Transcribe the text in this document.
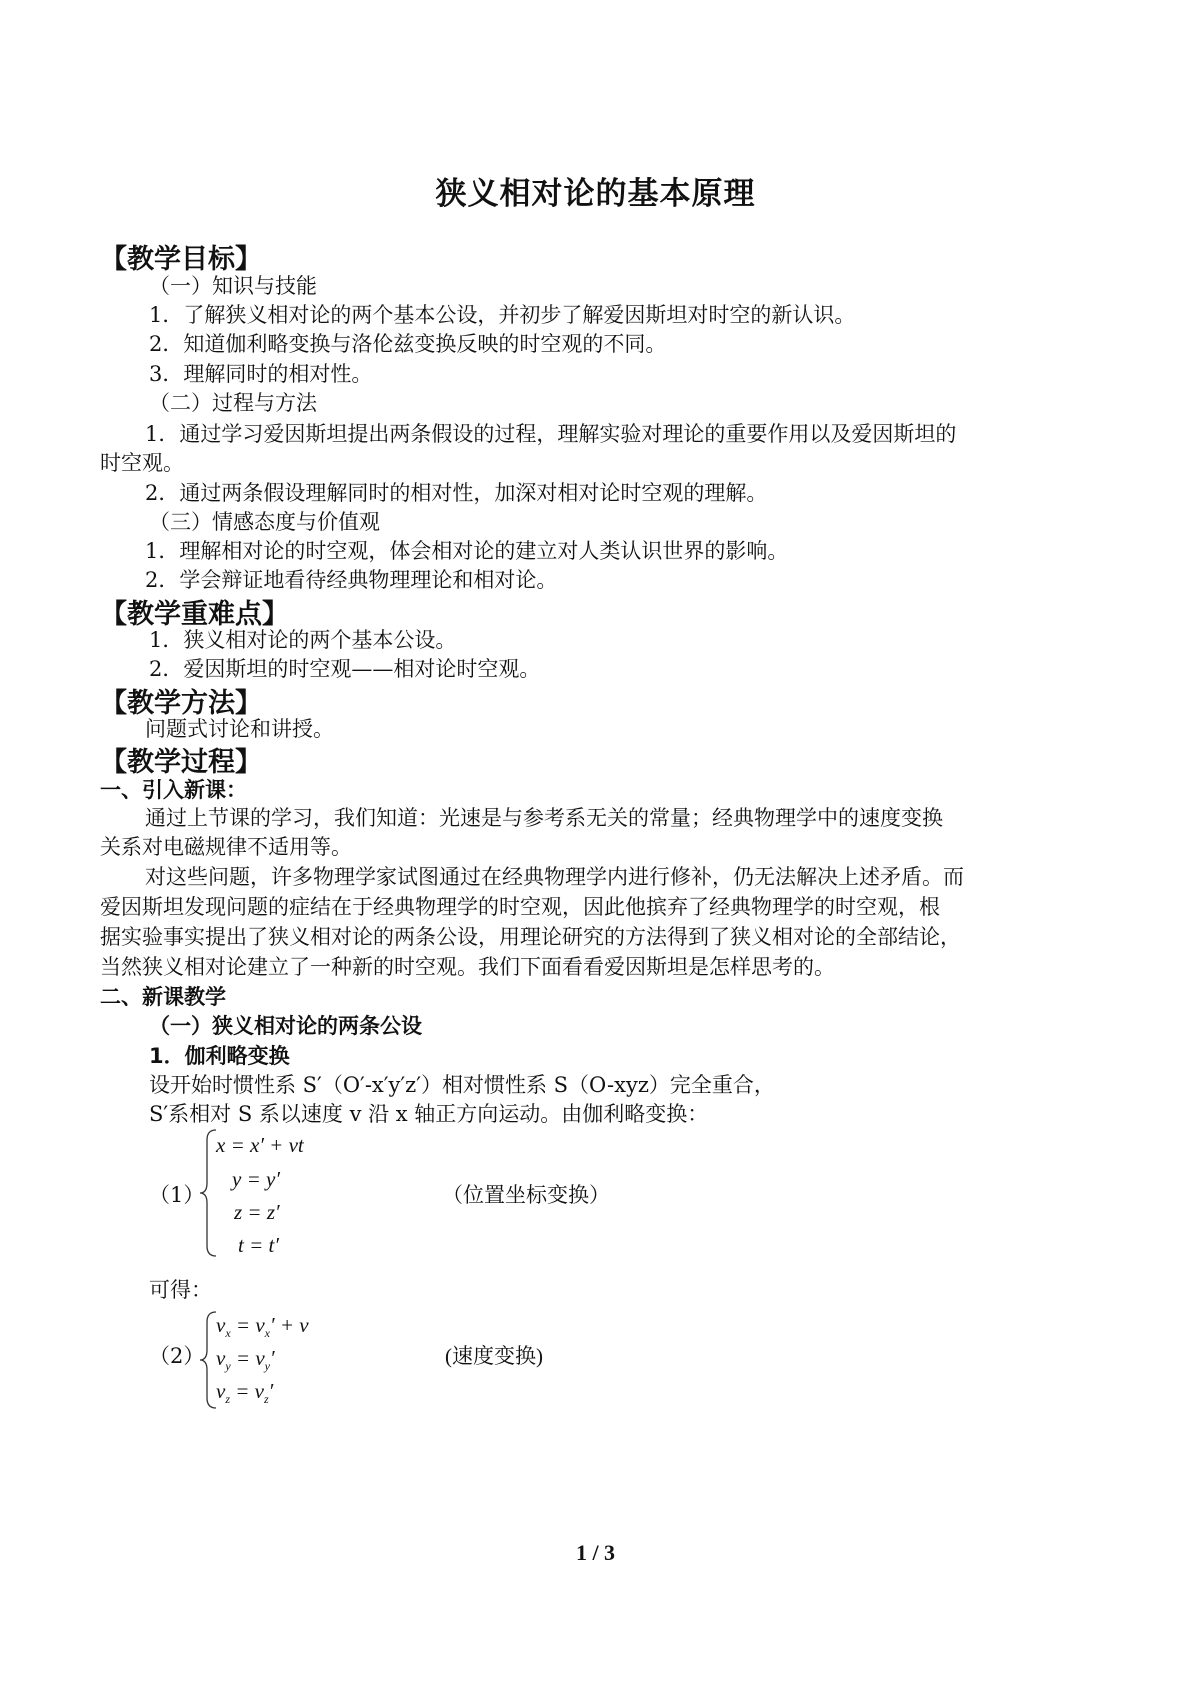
狭义相对论的基本原理
【教学目标】
（一）知识与技能
1．了解狭义相对论的两个基本公设，并初步了解爱因斯坦对时空的新认识。
2．知道伽利略变换与洛伦兹变换反映的时空观的不同。
3．理解同时的相对性。
（二）过程与方法
1．通过学习爱因斯坦提出两条假设的过程，理解实验对理论的重要作用以及爱因斯坦的
时空观。
2．通过两条假设理解同时的相对性，加深对相对论时空观的理解。
（三）情感态度与价值观
1．理解相对论的时空观，体会相对论的建立对人类认识世界的影响。
2．学会辩证地看待经典物理理论和相对论。
【教学重难点】
1．狭义相对论的两个基本公设。
2．爱因斯坦的时空观——相对论时空观。
【教学方法】
问题式讨论和讲授。
【教学过程】
一、引入新课：
通过上节课的学习，我们知道：光速是与参考系无关的常量；经典物理学中的速度变换
关系对电磁规律不适用等。
对这些问题，许多物理学家试图通过在经典物理学内进行修补，仍无法解决上述矛盾。而
爱因斯坦发现问题的症结在于经典物理学的时空观，因此他摈弃了经典物理学的时空观，根
据实验事实提出了狭义相对论的两条公设，用理论研究的方法得到了狭义相对论的全部结论，
当然狭义相对论建立了一种新的时空观。我们下面看看爱因斯坦是怎样思考的。
二、新课教学
（一）狭义相对论的两条公设
1．伽利略变换
设开始时惯性系 S′（O′-x′y′z′）相对惯性系 S（O-xyz）完全重合，
S′系相对 S 系以速度 v 沿 x 轴正方向运动。由伽利略变换：
（1）
x = x′ + vt
y = y′
z = z′
t = t′
（位置坐标变换）
可得：
（2）
$v_x = v_x' + v$
$v_y = v_y'$
$v_z = v_z'$
(速度变换)
1 / 3
